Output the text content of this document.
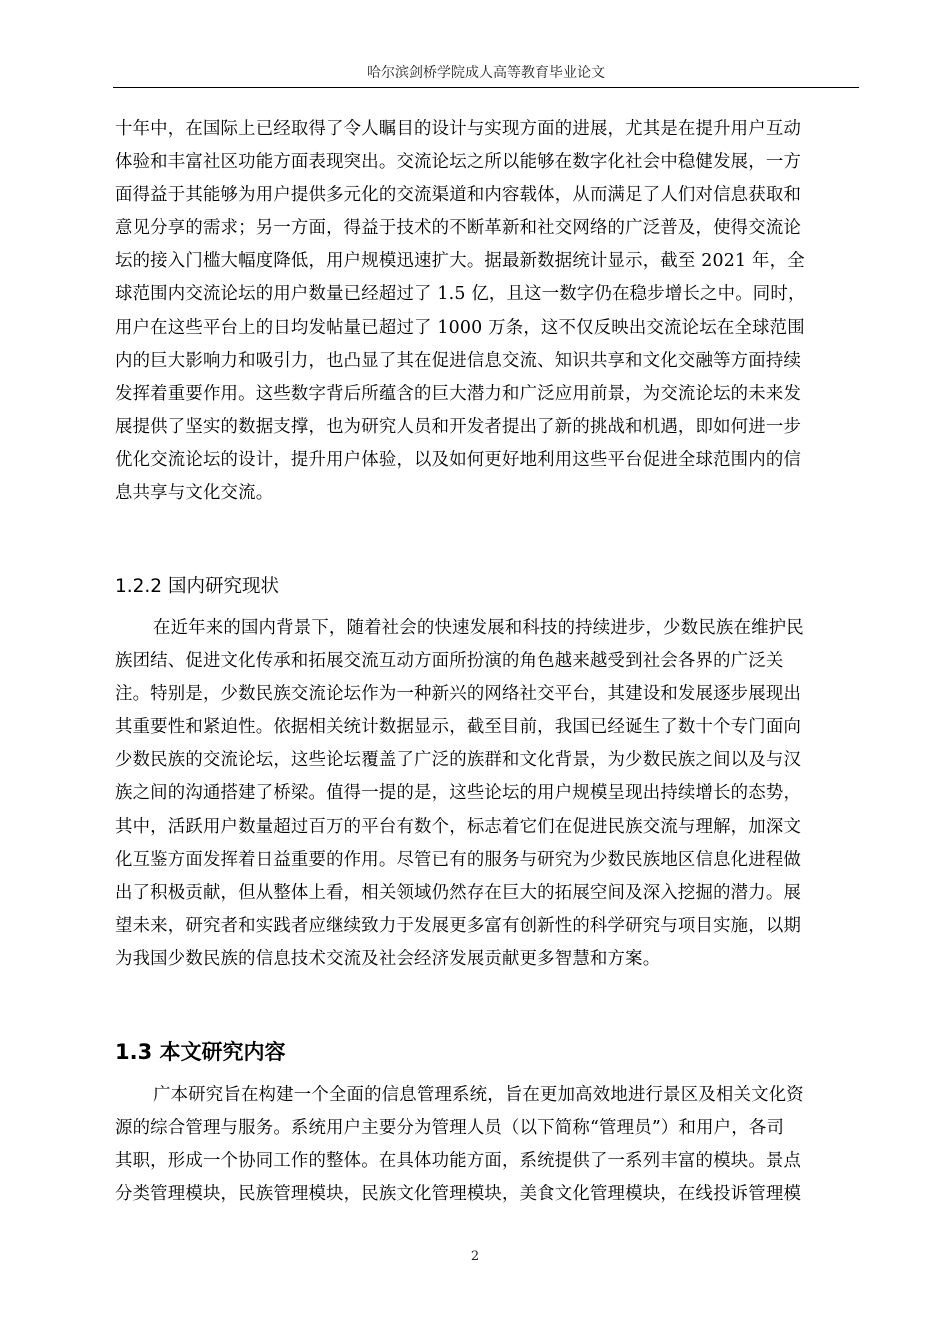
哈尔滨剑桥学院成人高等教育毕业论文
十年中，在国际上已经取得了令人瞩目的设计与实现方面的进展，尤其是在提升用户互动
体验和丰富社区功能方面表现突出。交流论坛之所以能够在数字化社会中稳健发展，一方
面得益于其能够为用户提供多元化的交流渠道和内容载体，从而满足了人们对信息获取和
意见分享的需求；另一方面，得益于技术的不断革新和社交网络的广泛普及，使得交流论
坛的接入门槛大幅度降低，用户规模迅速扩大。据最新数据统计显示，截至 2021 年，全
球范围内交流论坛的用户数量已经超过了 1.5 亿，且这一数字仍在稳步增长之中。同时，
用户在这些平台上的日均发帖量已超过了 1000 万条，这不仅反映出交流论坛在全球范围
内的巨大影响力和吸引力，也凸显了其在促进信息交流、知识共享和文化交融等方面持续
发挥着重要作用。这些数字背后所蕴含的巨大潜力和广泛应用前景，为交流论坛的未来发
展提供了坚实的数据支撑，也为研究人员和开发者提出了新的挑战和机遇，即如何进一步
优化交流论坛的设计，提升用户体验，以及如何更好地利用这些平台促进全球范围内的信
息共享与文化交流。
1.2.2 国内研究现状
在近年来的国内背景下，随着社会的快速发展和科技的持续进步，少数民族在维护民
族团结、促进文化传承和拓展交流互动方面所扮演的角色越来越受到社会各界的广泛关
注。特别是，少数民族交流论坛作为一种新兴的网络社交平台，其建设和发展逐步展现出
其重要性和紧迫性。依据相关统计数据显示，截至目前，我国已经诞生了数十个专门面向
少数民族的交流论坛，这些论坛覆盖了广泛的族群和文化背景，为少数民族之间以及与汉
族之间的沟通搭建了桥梁。值得一提的是，这些论坛的用户规模呈现出持续增长的态势，
其中，活跃用户数量超过百万的平台有数个，标志着它们在促进民族交流与理解，加深文
化互鉴方面发挥着日益重要的作用。尽管已有的服务与研究为少数民族地区信息化进程做
出了积极贡献，但从整体上看，相关领域仍然存在巨大的拓展空间及深入挖掘的潜力。展
望未来，研究者和实践者应继续致力于发展更多富有创新性的科学研究与项目实施，以期
为我国少数民族的信息技术交流及社会经济发展贡献更多智慧和方案。
1.3 本文研究内容
广本研究旨在构建一个全面的信息管理系统，旨在更加高效地进行景区及相关文化资
源的综合管理与服务。系统用户主要分为管理人员（以下简称“管理员”）和用户，各司
其职，形成一个协同工作的整体。在具体功能方面，系统提供了一系列丰富的模块。景点
分类管理模块，民族管理模块，民族文化管理模块，美食文化管理模块，在线投诉管理模
2
